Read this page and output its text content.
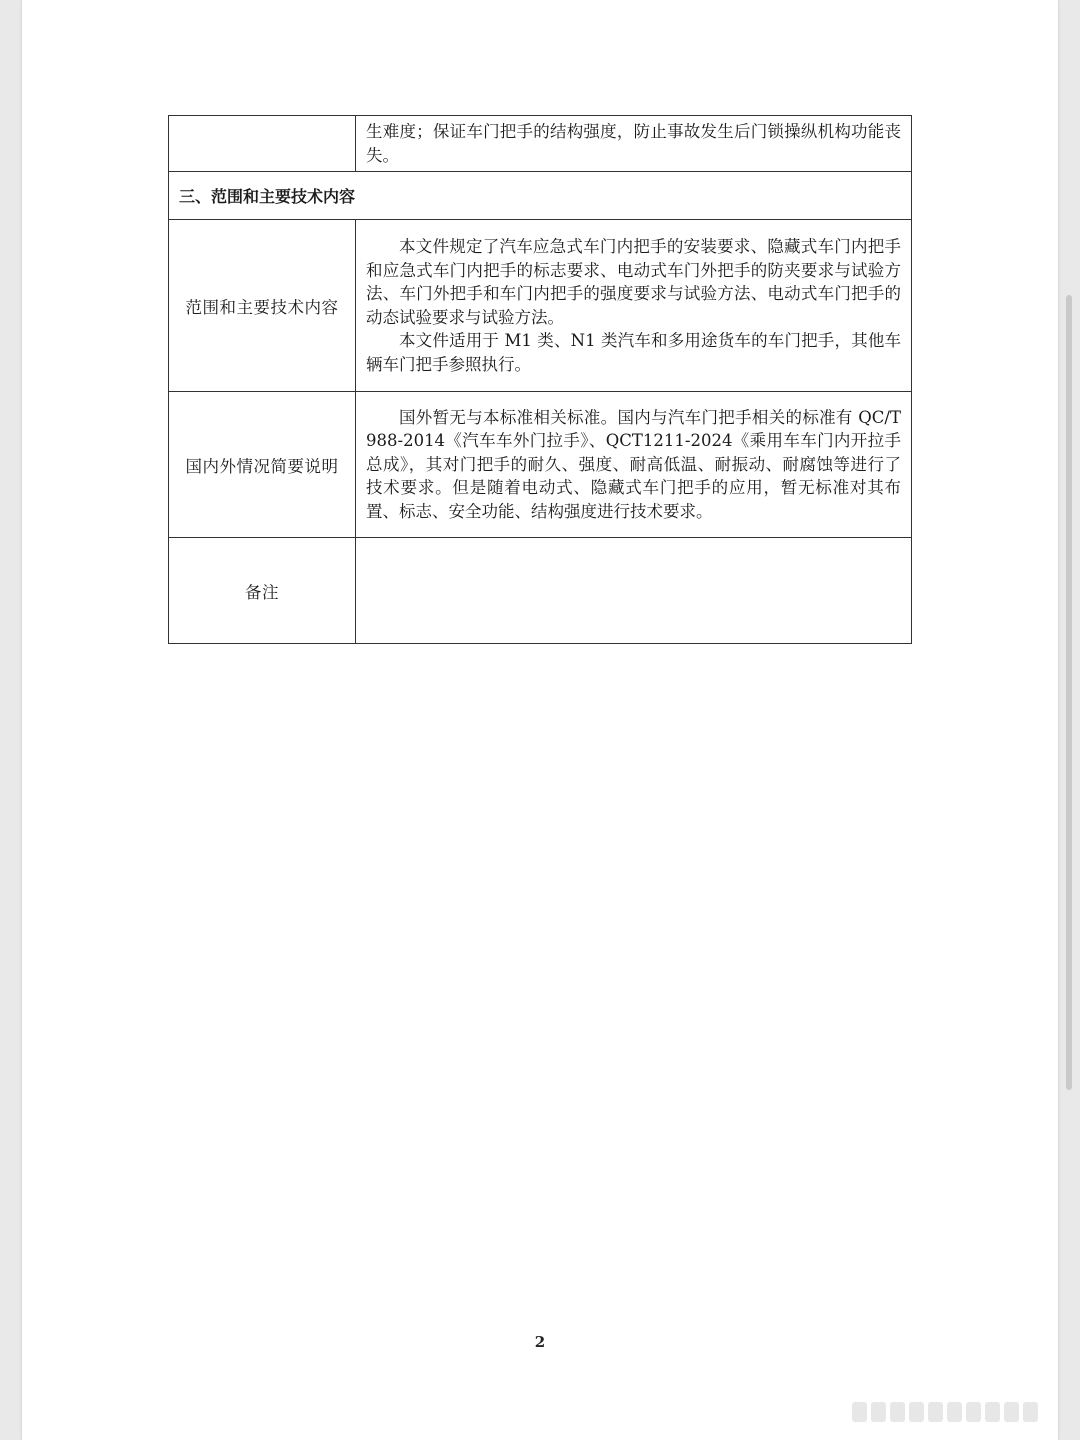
	生难度；保证车门把手的结构强度，防止事故发生后门锁操纵机构功能丧失。

三、范围和主要技术内容	
范围和主要技术内容	本文件规定了汽车应急式车门内把手的安装要求、隐藏式车门内把手和应急式车门内把手的标志要求、电动式车门外把手的防夹要求与试验方法、车门外把手和车门内把手的强度要求与试验方法、电动式车门把手的动态试验要求与试验方法。

本文件适用于 M1 类、N1 类汽车和多用途货车的车门把手，其他车辆车门把手参照执行。

国内外情况简要说明	国外暂无与本标准相关标准。国内与汽车门把手相关的标准有 QC/T 988-2014《汽车车外门拉手》、QCT1211-2024《乘用车车门内开拉手总成》，其对门把手的耐久、强度、耐高低温、耐振动、耐腐蚀等进行了技术要求。但是随着电动式、隐藏式车门把手的应用，暂无标准对其布置、标志、安全功能、结构强度进行技术要求。

备注	
2
